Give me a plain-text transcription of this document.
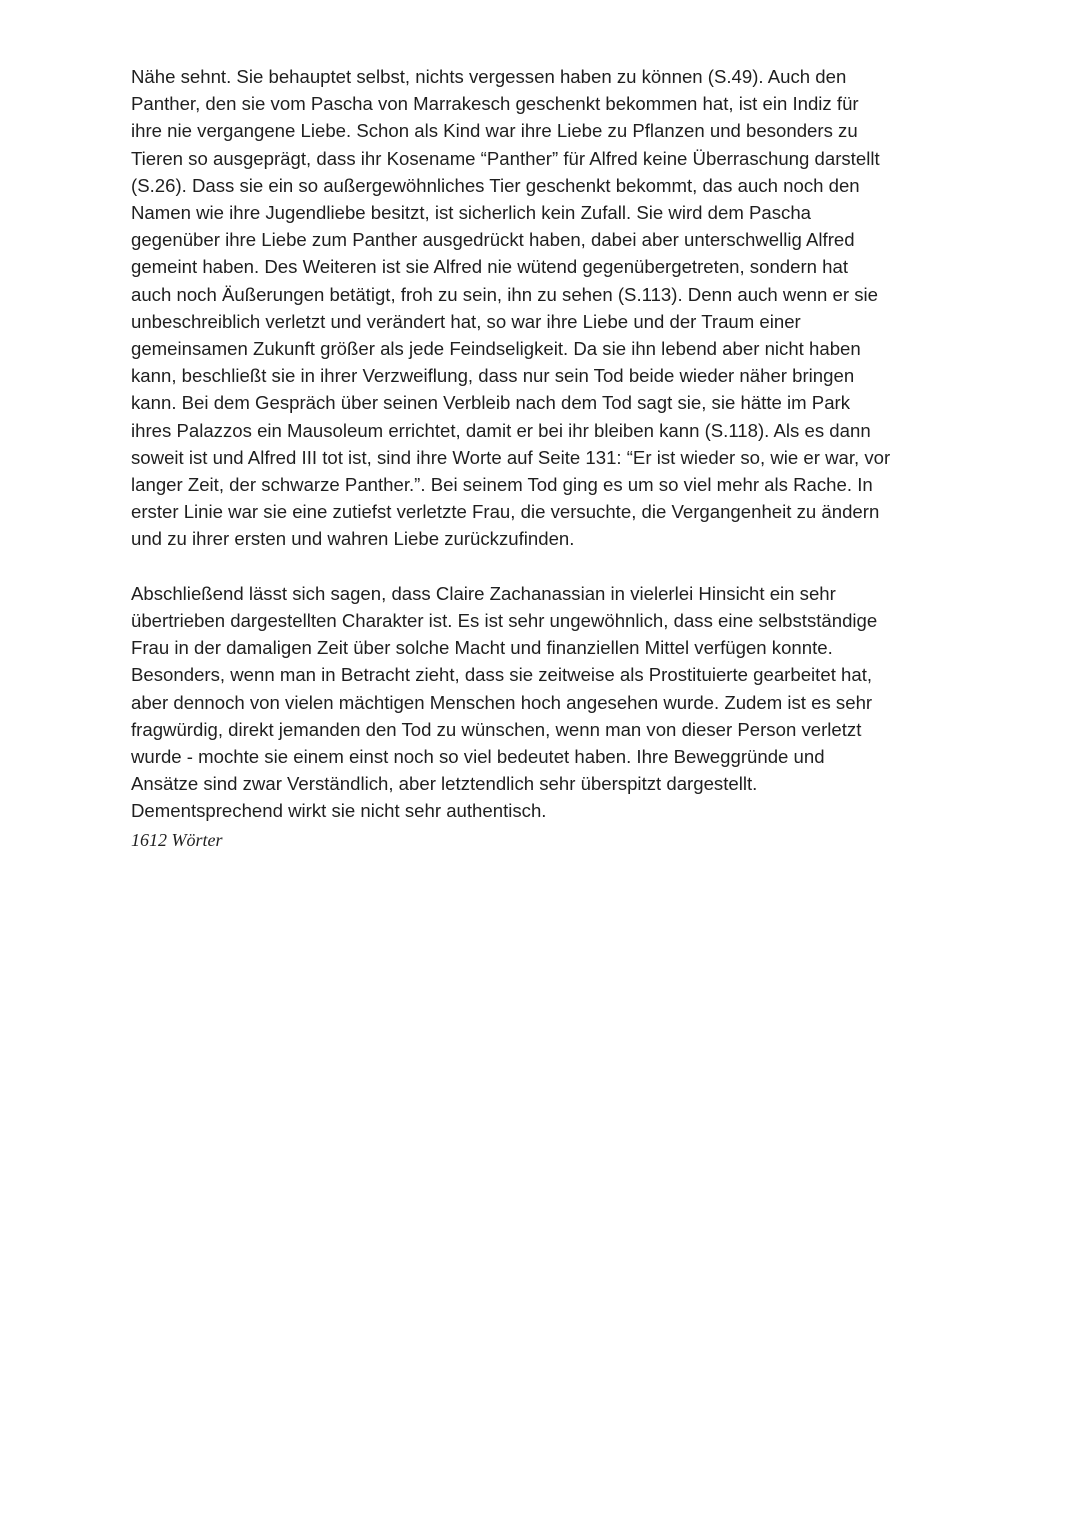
Nähe sehnt. Sie behauptet selbst, nichts vergessen haben zu können (S.49). Auch den
Panther, den sie vom Pascha von Marrakesch geschenkt bekommen hat, ist ein Indiz für
ihre nie vergangene Liebe. Schon als Kind war ihre Liebe zu Pflanzen und besonders zu
Tieren so ausgeprägt, dass ihr Kosename “Panther” für Alfred keine Überraschung darstellt
(S.26). Dass sie ein so außergewöhnliches Tier geschenkt bekommt, das auch noch den
Namen wie ihre Jugendliebe besitzt, ist sicherlich kein Zufall. Sie wird dem Pascha
gegenüber ihre Liebe zum Panther ausgedrückt haben, dabei aber unterschwellig Alfred
gemeint haben. Des Weiteren ist sie Alfred nie wütend gegenübergetreten, sondern hat
auch noch Äußerungen betätigt, froh zu sein, ihn zu sehen (S.113). Denn auch wenn er sie
unbeschreiblich verletzt und verändert hat, so war ihre Liebe und der Traum einer
gemeinsamen Zukunft größer als jede Feindseligkeit. Da sie ihn lebend aber nicht haben
kann, beschließt sie in ihrer Verzweiflung, dass nur sein Tod beide wieder näher bringen
kann. Bei dem Gespräch über seinen Verbleib nach dem Tod sagt sie, sie hätte im Park
ihres Palazzos ein Mausoleum errichtet, damit er bei ihr bleiben kann (S.118). Als es dann
soweit ist und Alfred III tot ist, sind ihre Worte auf Seite 131: “Er ist wieder so, wie er war, vor
langer Zeit, der schwarze Panther.”. Bei seinem Tod ging es um so viel mehr als Rache. In
erster Linie war sie eine zutiefst verletzte Frau, die versuchte, die Vergangenheit zu ändern
und zu ihrer ersten und wahren Liebe zurückzufinden.

Abschließend lässt sich sagen, dass Claire Zachanassian in vielerlei Hinsicht ein sehr
übertrieben dargestellten Charakter ist. Es ist sehr ungewöhnlich, dass eine selbstständige
Frau in der damaligen Zeit über solche Macht und finanziellen Mittel verfügen konnte.
Besonders, wenn man in Betracht zieht, dass sie zeitweise als Prostituierte gearbeitet hat,
aber dennoch von vielen mächtigen Menschen hoch angesehen wurde. Zudem ist es sehr
fragwürdig, direkt jemanden den Tod zu wünschen, wenn man von dieser Person verletzt
wurde - mochte sie einem einst noch so viel bedeutet haben. Ihre Beweggründe und
Ansätze sind zwar Verständlich, aber letztendlich sehr überspitzt dargestellt.
Dementsprechend wirkt sie nicht sehr authentisch.

1612 Wörter
